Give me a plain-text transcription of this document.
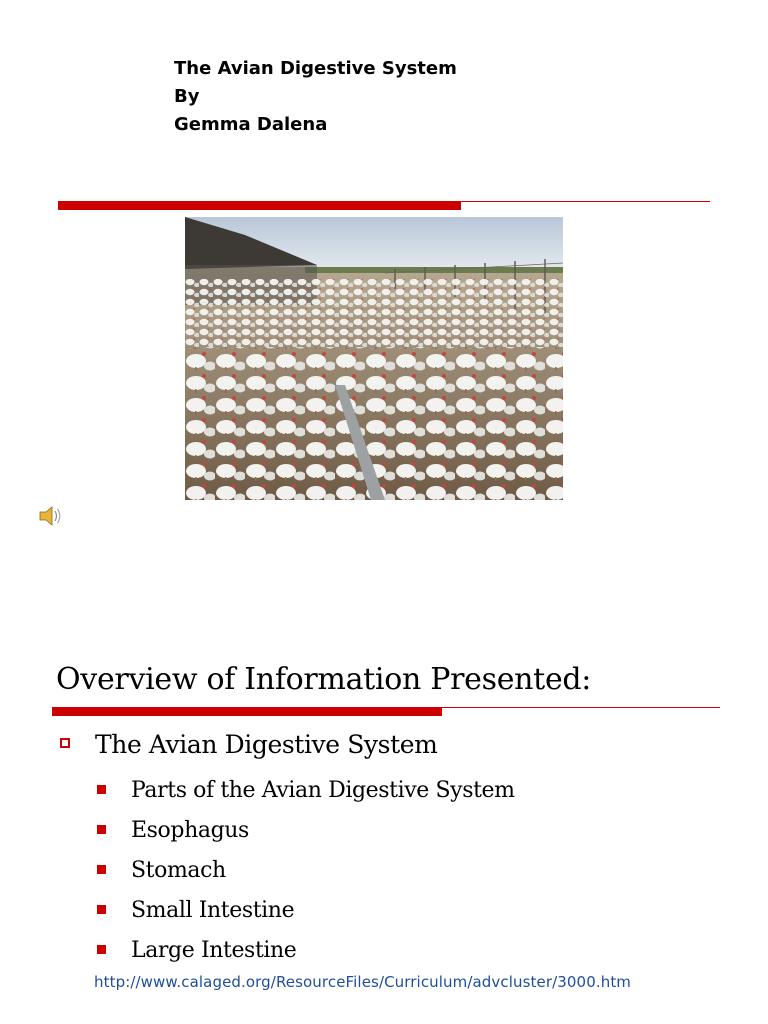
The Avian Digestive System
By
Gemma Dalena
Overview of Information Presented:
The Avian Digestive System
Parts of the Avian Digestive System
Esophagus
Stomach
Small Intestine
Large Intestine
http://www.calaged.org/ResourceFiles/Curriculum/advcluster/3000.htm
